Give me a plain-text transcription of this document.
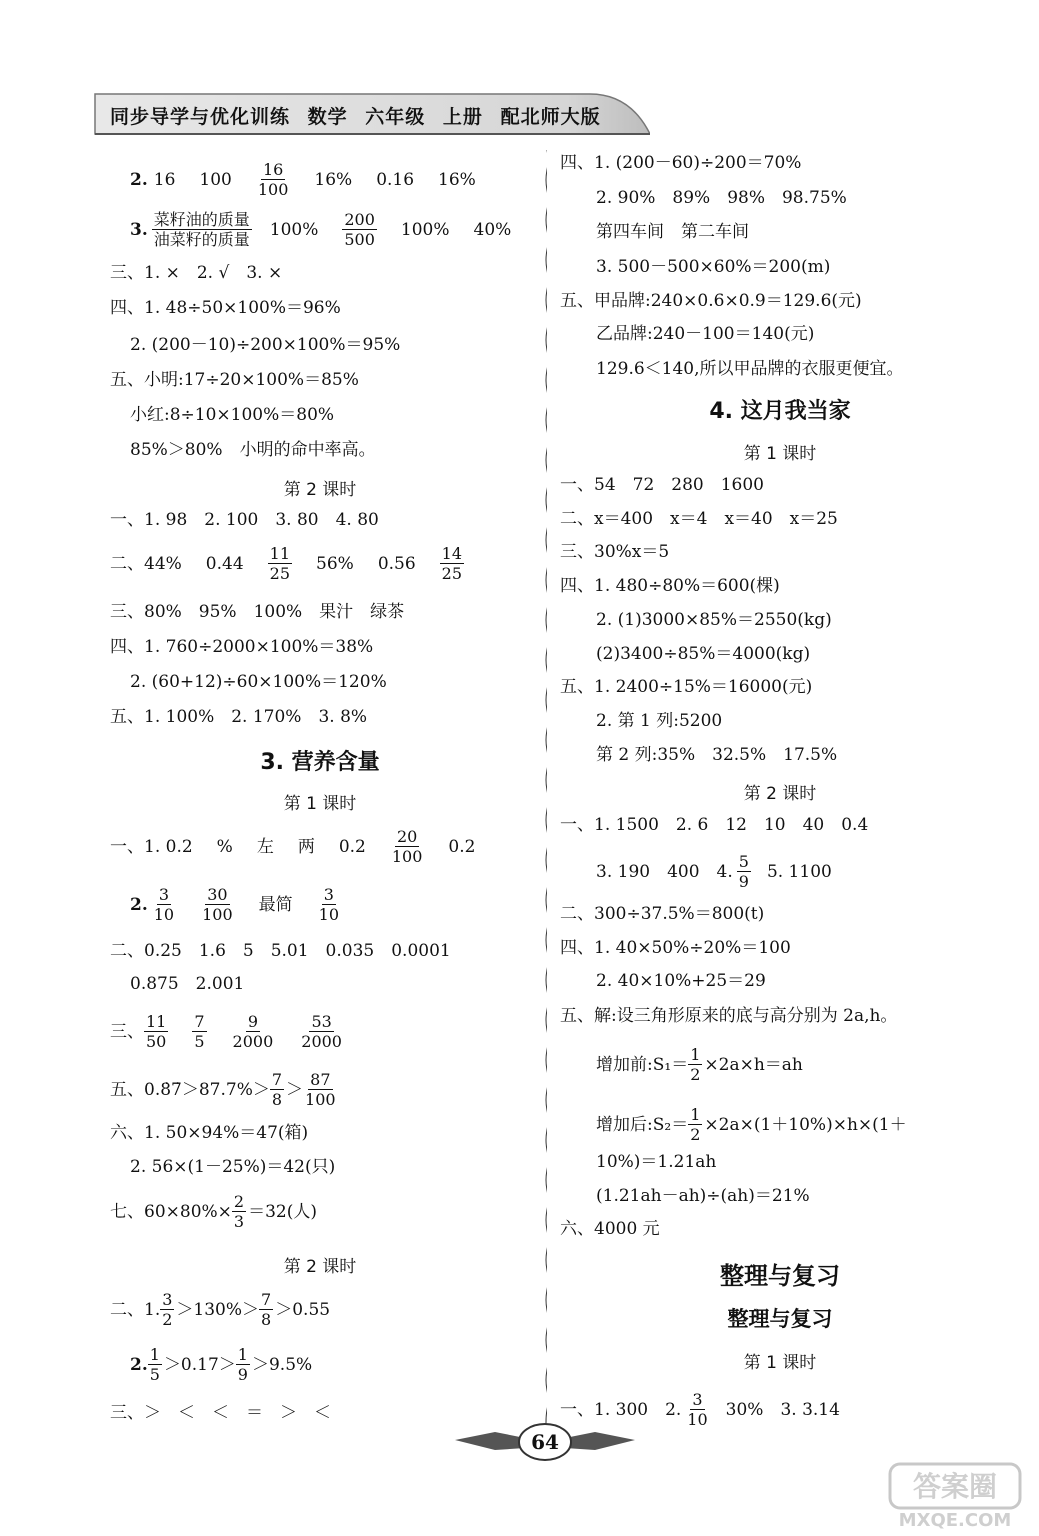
同步导学与优化训练 数学 六年级 上册 配北师大版
2. 16 $100 \frac{16}{100} 16\%$ 0.16 16%
3. $\frac{\text{菜籽油的质量}}{\text{油菜籽的质量}} 100\% \frac{200}{500} 100\%$ 40%
三、1. ×　2. √　3. ×
四、1. 48÷50×100%＝96%
2. (200－10)÷200×100%＝95%
五、小明:17÷20×100%＝85%
小红:8÷10×100%＝80%
85%＞80%　小明的命中率高。
第 2 课时
一、1. 98　2. 100　3. 80　4. 80
二、44% $0.44 \frac{11}{25} 56\%$ $0.56 \frac{14}{25}$
三、80%　95%　100%　果汁　绿茶
四、1. 760÷2000×100%＝38%
2. (60+12)÷60×100%＝120%
五、1. 100%　2. 170%　3. 8%
3. 营养含量
第 1 课时
一、1. 0.2 % 左 两 $0.2 \frac{20}{100} 0.2$
2. $\frac{3}{10} \frac{30}{100}$ 最简 $\frac{3}{10}$
二、0.25　1.6　5　5.01　0.035　0.0001
0.875　2.001
三、 $\frac{11}{50} \frac{7}{5} \frac{9}{2000} \frac{53}{2000}$
五、0.8̇7̇＞87.7%＞ $\frac{7}{8} > \frac{87}{100}$
六、1. 50×94%＝47(箱)
2. 56×(1－25%)＝42(只)
七、$60\times 80\%\times \frac{2}{3} =32$(人)
第 2 课时
二、1. $\frac{3}{2} >130\%> \frac{7}{8} >0.55$
2. $\frac{1}{5} >0.17> \frac{1}{9} >9.5\%$
三、＞　＜　＜　＝　＞　＜
四、1. (200－60)÷200＝70%
2. 90%　89%　98%　98.75%
第四车间　第二车间
3. 500－500×60%＝200(m)
五、甲品牌:240×0.6×0.9＝129.6(元)
乙品牌:240－100＝140(元)
129.6＜140,所以甲品牌的衣服更便宜。
4. 这月我当家
第 1 课时
一、54　72　280　1600
二、x＝400　x＝4　x＝40　x＝25
三、30%x＝5
四、1. 480÷80%＝600(棵)
2. (1)3000×85%＝2550(kg)
(2)3400÷85%＝4000(kg)
五、1. 2400÷15%＝16000(元)
2. 第 1 列:5200
第 2 列:35%　32.5%　17.5%
第 2 课时
一、1. 1500　2. 6　12　10　40　0.4
3. 190　400　4. $\frac{5}{9} 5$. 1100
二、300÷37.5%＝800(t)
四、1. 40×50%÷20%＝100
2. 40×10%+25＝29
五、解:设三角形原来的底与高分别为 2a,h。
增加前:S₁＝ $\frac{1}{2} \times 2a\times h=ah$
增加后:S₂＝ $\frac{1}{2} \times 2a\times(1+10\%)\times h\times(1+$
10%)＝1.21ah
(1.21ah－ah)÷(ah)＝21%
六、4000 元
整理与复习
整理与复习
第 1 课时
一、1. 300　2. $\frac{3}{10} 30\%$　3. 3.14
64
答案圈
MXQE.COM
